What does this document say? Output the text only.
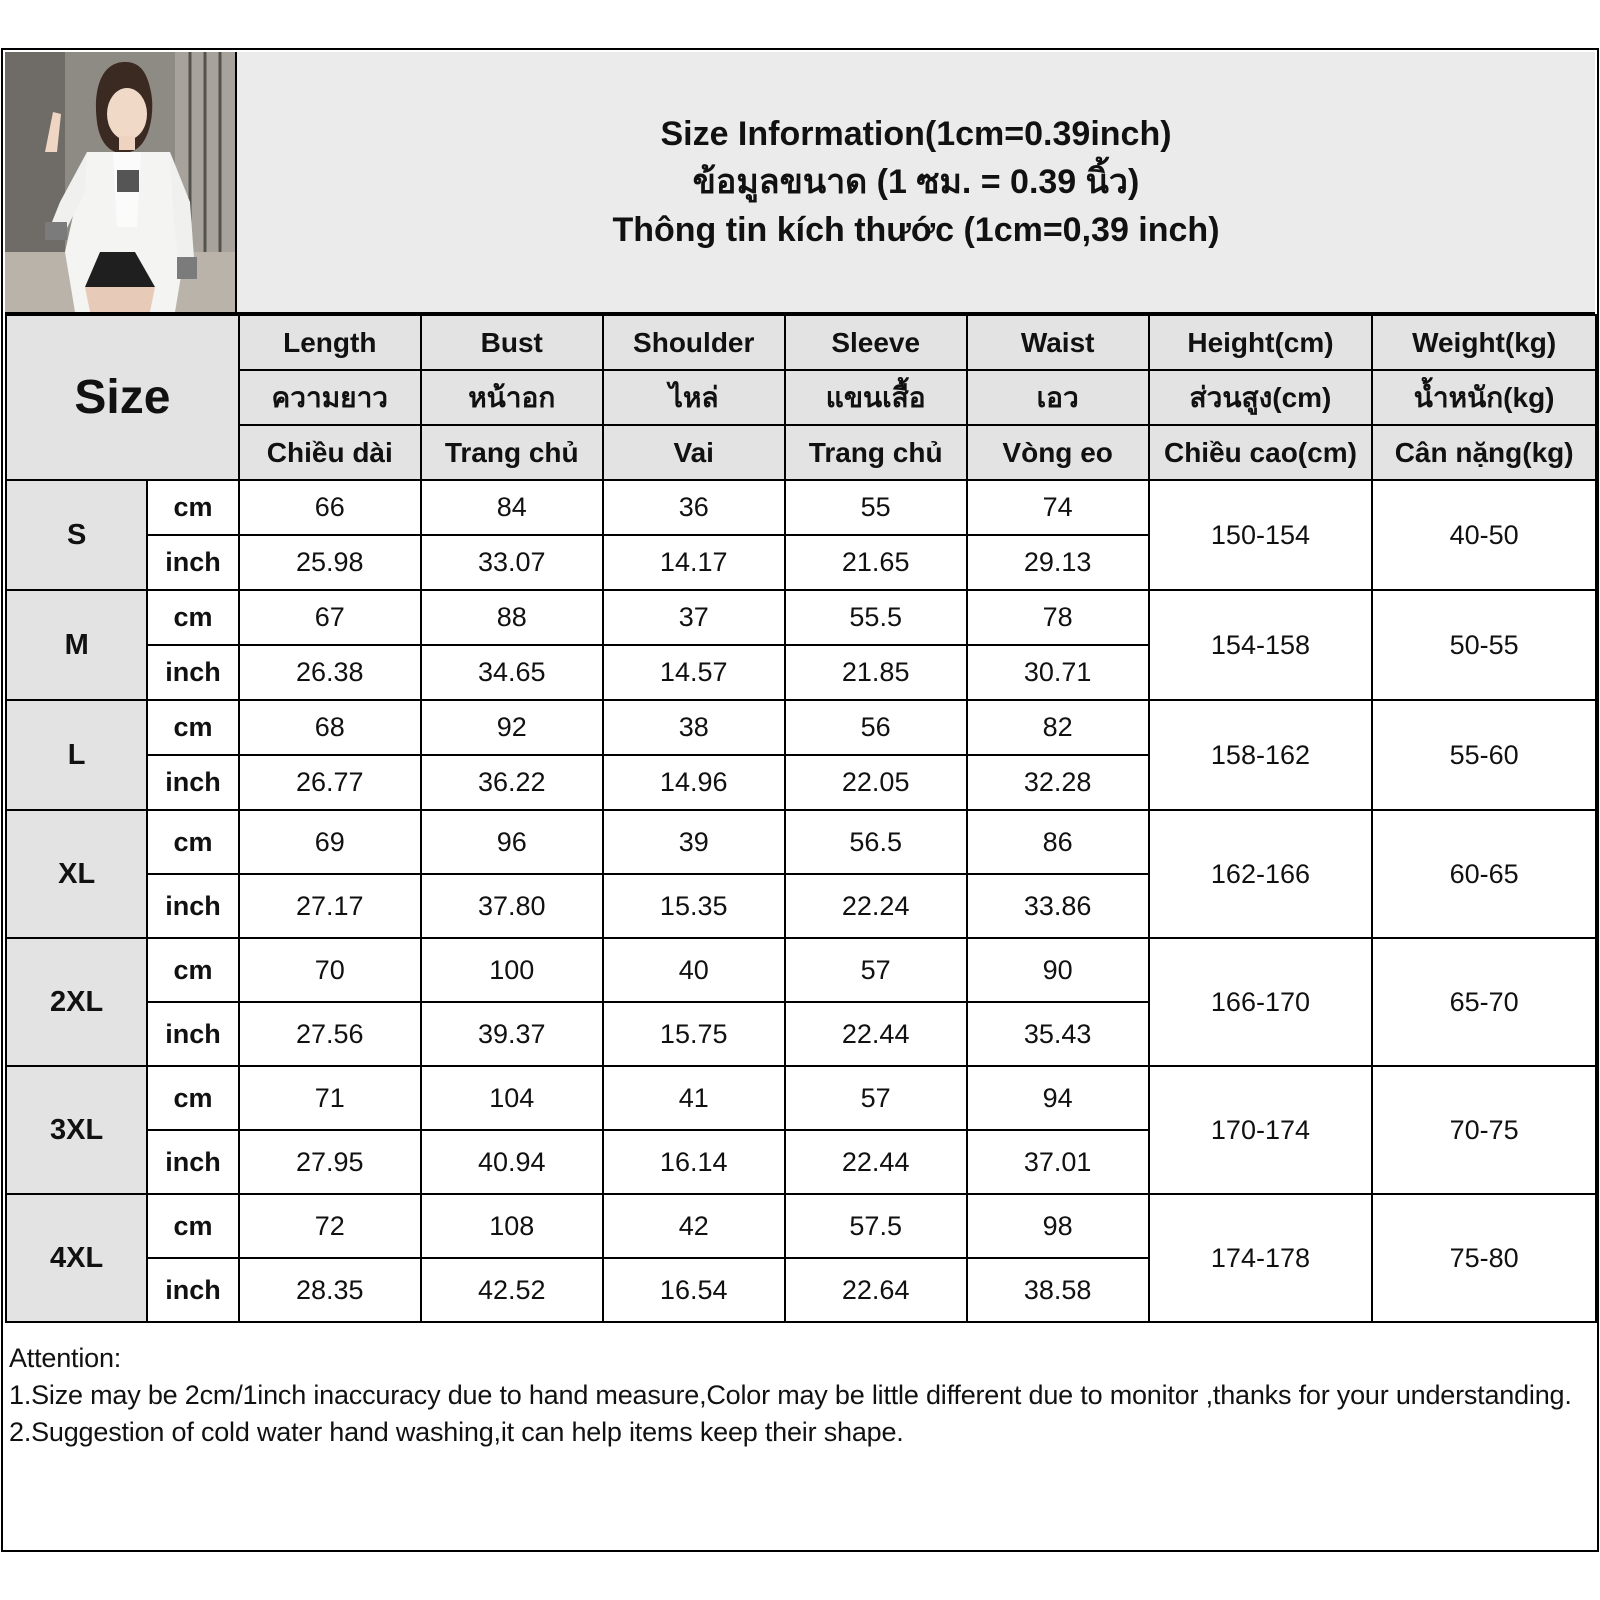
Size Information(1cm=0.39inch)
ข้อมูลขนาด (1 ซม. = 0.39 นิ้ว)
Thông tin kích thước (1cm=0,39 inch)
Size		Length	Bust	Shoulder	Sleeve	Waist	Height(cm)	Weight(kg)
		ความยาว	หน้าอก	ไหล่	แขนเสื้อ	เอว	ส่วนสูง(cm)	น้ำหนัก(kg)
		Chiều dài	Trang chủ	Vai	Trang chủ	Vòng eo	Chiều cao(cm)	Cân nặng(kg)
S	cm	66	84	36	55	74	150-154	40-50
	inch	25.98	33.07	14.17	21.65	29.13		
M	cm	67	88	37	55.5	78	154-158	50-55
	inch	26.38	34.65	14.57	21.85	30.71		
L	cm	68	92	38	56	82	158-162	55-60
	inch	26.77	36.22	14.96	22.05	32.28		
XL	cm	69	96	39	56.5	86	162-166	60-65
	inch	27.17	37.80	15.35	22.24	33.86		
2XL	cm	70	100	40	57	90	166-170	65-70
	inch	27.56	39.37	15.75	22.44	35.43		
3XL	cm	71	104	41	57	94	170-174	70-75
	inch	27.95	40.94	16.14	22.44	37.01		
4XL	cm	72	108	42	57.5	98	174-178	75-80
	inch	28.35	42.52	16.54	22.64	38.58		
Attention:
1.Size may be 2cm/1inch inaccuracy due to hand measure,Color may be little different due to monitor ,thanks for your understanding.
2.Suggestion of cold water hand washing,it can help items keep their shape.
